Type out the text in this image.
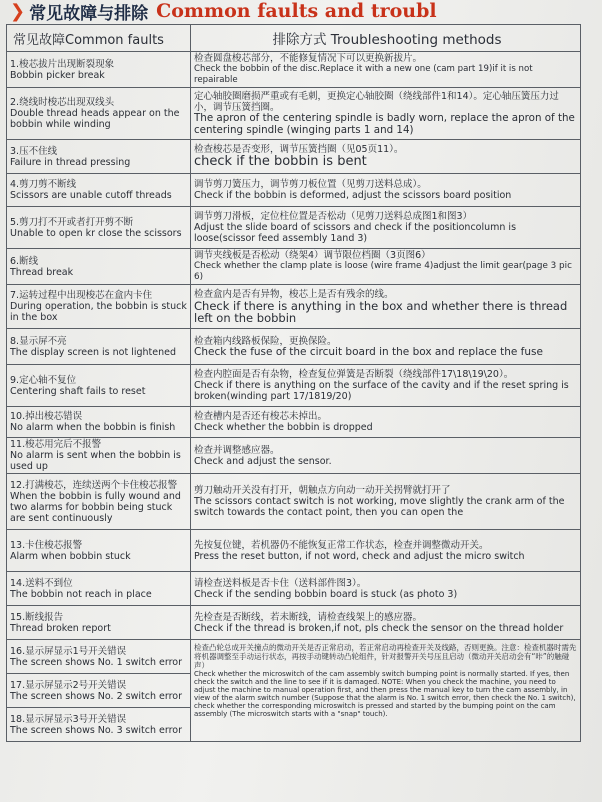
❯ 常见故障与排除 Common faults and troubl
常见故障Common faults	排除方式 Troubleshooting methods

1.梭芯拔片出现断裂现象
Bobbin picker break	检查圆盘梭芯部分，不能修复情况下可以更换新拔片。
Check the bobbin of the disc.Replace it with a new one (cam part 19)if it is not repairable

2.绕线时梭芯出现双线头
Double thread heads appear on the bobbin while winding	定心轴胶圈磨损严重或有毛刺，更换定心轴胶圈（绕线部件1和14）。定心轴压簧压力过小，调节压簧挡圈。
The apron of the centering spindle is badly worn, replace the apron of the centering spindle (winging parts 1 and 14)

3.压不住线
Failure in thread pressing	检查梭芯是否变形，调节压簧挡圈（见05页11）。
check if the bobbin is bent

4.剪刀剪不断线
Scissors are unable cutoff threads	调节剪刀簧压力，调节剪刀板位置（见剪刀送料总成）。
Check if the bobbin is deformed, adjust the scissors board position

5.剪刀打不开或者打开剪不断
Unable to open kr close the scissors	调节剪刀滑板，定位柱位置是否松动（见剪刀送料总成图1和图3）
Adjust the slide board of scissors and check if the positioncolumn is loose(scissor feed assembly 1and 3)

6.断线
Thread break	调节夹线板是否松动（绕架4）调节限位档圈（3页图6）
Check whether the clamp plate is loose (wire frame 4)adjust the limit gear(page 3 pic 6)

7.运转过程中出现梭芯在盒内卡住
During operation, the bobbin is stuck in the box	检查盒内是否有异物，梭芯上是否有残余的线。
Check if there is anything in the box and whether there is thread left on the bobbin

8.显示屏不亮
The display screen is not lightened	检查箱内线路板保险，更换保险。
Check the fuse of the circuit board in the box and replace the fuse

9.定心轴不复位
Centering shaft fails to reset	检查内腔面是否有杂物，检查复位弹簧是否断裂（绕线部件17\18\19\20）。
Check if there is anything on the surface of the cavity and if the reset spring is broken(winding part 17/1819/20)

10.掉出梭芯错误
No alarm when the bobbin is finish	检查槽内是否还有梭芯未掉出。
Check whether the bobbin is dropped

11.梭芯用完后不报警
No alarm is sent when the bobbin is used up	检查并调整感应器。
Check and adjust the sensor.

12.打满梭芯，连续送两个卡住梭芯报警
When the bobbin is fully wound and two alarms for bobbin being stuck are sent continuously	剪刀触动开关没有打开，朝触点方向动一动开关拐臂就打开了
The scissors contact switch is not working, move slightly the crank arm of the switch towards the contact point, then you can open the

13.卡住梭芯报警
Alarm when bobbin stuck	先按复位键，若机器仍不能恢复正常工作状态，检查并调整微动开关。
Press the reset button, if not word, check and adjust the micro switch

14.送料不到位
The bobbin not reach in place	请检查送料板是否卡住（送料部件图3）。
Check if the sending bobbin board is stuck (as photo 3)

15.断线报告
Thread broken report	先检查是否断线，若未断线，请检查线架上的感应器。
Check if the thread is broken,if not, pls check the sensor on the thread holder

16.显示屏显示1号开关错误
The screen shows No. 1 switch error	检查凸轮总成开关撞点的微动开关是否正常启动，若正常启动再检查开关及线路，否则更换。注意：检查机器时需先将机器调整至手动运行状态，再按手动键转动凸轮组件，针对报警开关号压且启动（微动开关启动会有“咔”的触碰声）
Check whether the microswitch of the cam assembly switch bumping point is normally started. If yes, then check the switch and the line to see if it is damaged. NOTE: When you check the machine, you need to adjust the machine to manual operation first, and then press the manual key to turn the cam assembly, in view of the alarm switch number (Suppose that the alarm is No. 1 switch error, then check the No. 1 switch), check whether the corresponding microswitch is pressed and started by the bumping point on the cam assembly (The microswitch starts with a "snap" touch).

17.显示屏显示2号开关错误
The screen shows No. 2 switch error	

18.显示屏显示3号开关错误
The screen shows No. 3 switch error	
